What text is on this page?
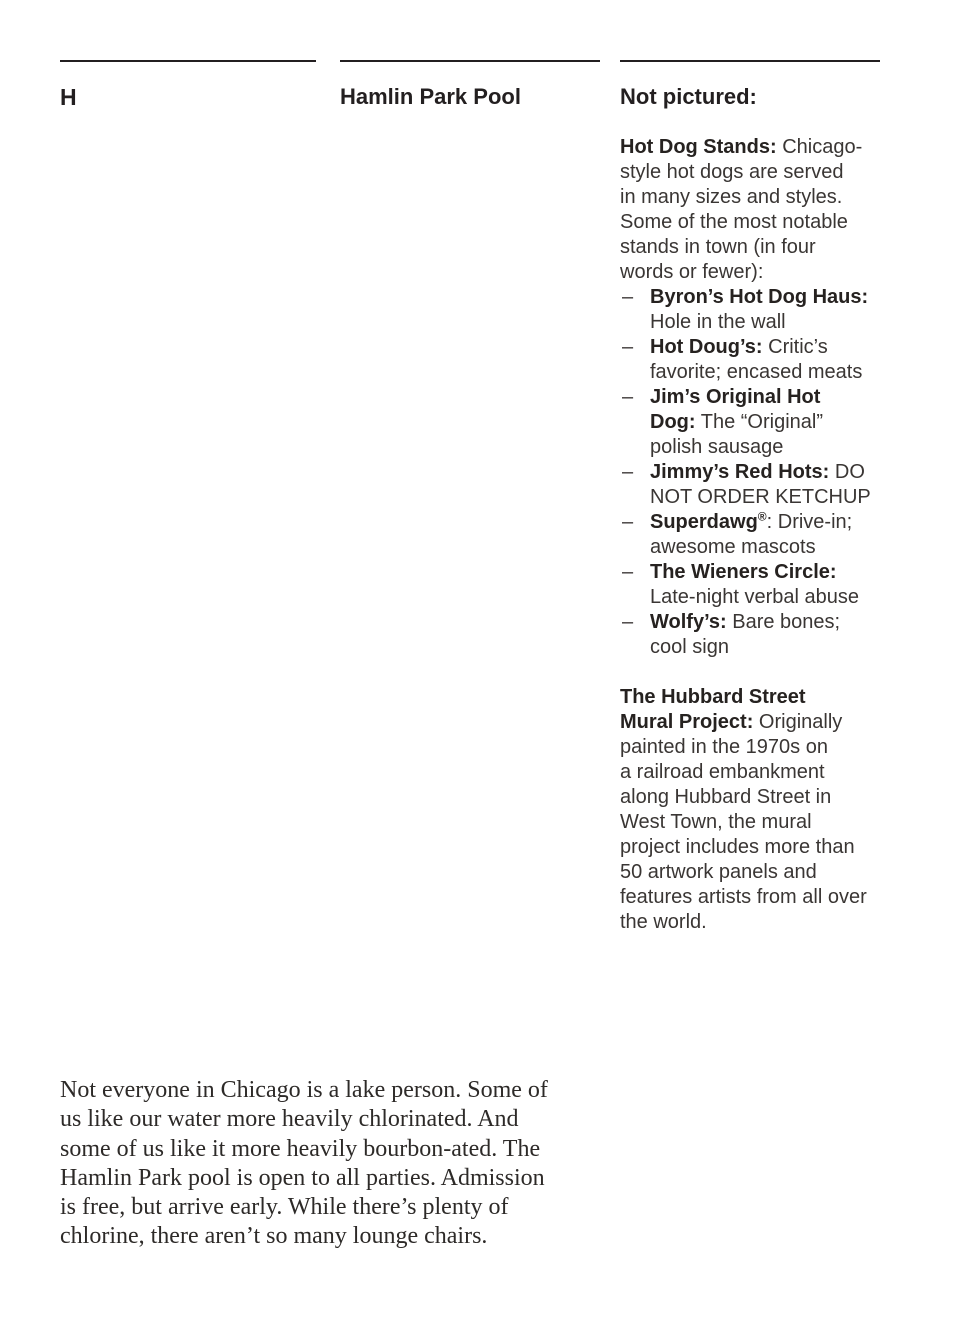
H	Hamlin Park Pool	Not pictured:
Hot Dog Stands: Chicago-
style hot dogs are served
in many sizes and styles.
Some of the most notable
stands in town (in four
words or fewer):
– Byron’s Hot Dog Haus:
Hole in the wall
– Hot Doug’s: Critic’s
favorite; encased meats
– Jim’s Original Hot
Dog: The “Original”
polish sausage
– Jimmy’s Red Hots: DO
NOT ORDER KETCHUP
– Superdawg®: Drive-in;
awesome mascots
– The Wieners Circle:
Late-night verbal abuse
– Wolfy’s: Bare bones;
cool sign
The Hubbard Street
Mural Project: Originally
painted in the 1970s on
a railroad embankment
along Hubbard Street in
West Town, the mural
project includes more than
50 artwork panels and
features artists from all over
the world.
Not everyone in Chicago is a lake person. Some of
us like our water more heavily chlorinated. And
some of us like it more heavily bourbon-ated. The
Hamlin Park pool is open to all parties. Admission
is free, but arrive early. While there’s plenty of
chlorine, there aren’t so many lounge chairs.
